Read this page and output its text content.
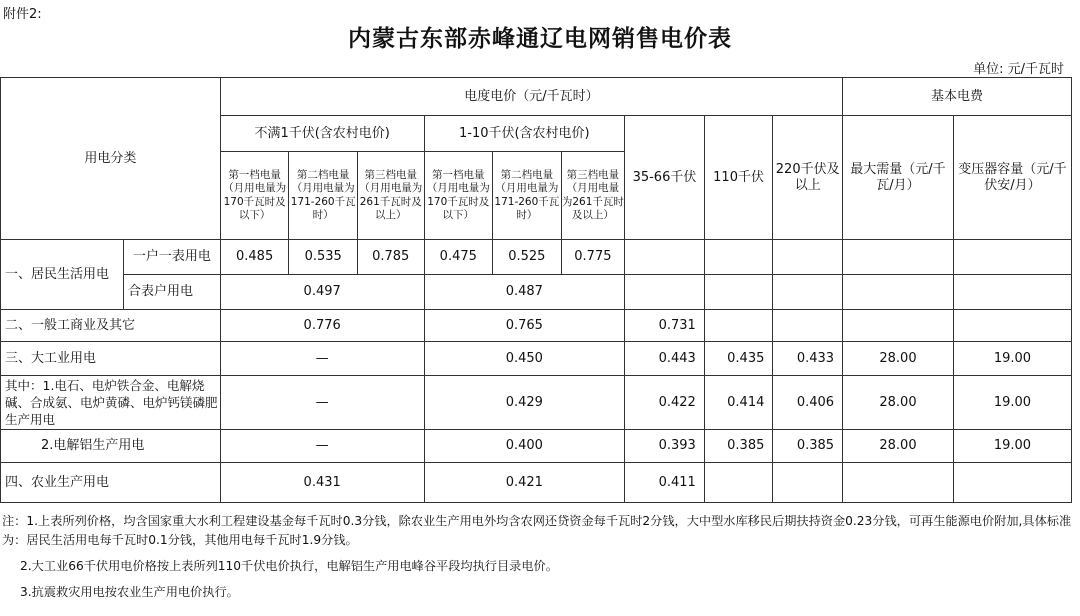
附件2:
内蒙古东部赤峰通辽电网销售电价表
单位: 元/千瓦时
用电分类		电度电价（元/千瓦时）									基本电费	
		不满1千伏(含农村电价)			1-10千伏(含农村电价)			35-66千伏	110千伏	220千伏及以上	最大需量（元/千瓦/月）	变压器容量（元/千伏安/月）
		第一档电量（月用电量为170千瓦时及以下）	第二档电量（月用电量为171-260千瓦时）	第三档电量（月用电量为261千瓦时及以上）	第一档电量（月用电量为170千瓦时及以下）	第二档电量（月用电量为171-260千瓦时）	第三档电量（月用电量为261千瓦时及以上）					
一、居民生活用电	一户一表用电	0.485	0.535	0.785	0.475	0.525	0.775					
	合表户用电	0.497			0.487							
二、一般工商业及其它		0.776			0.765			0.731				
三、大工业用电		—			0.450			0.443	0.435	0.433	28.00	19.00
其中：1.电石、电炉铁合金、电解烧碱、合成氨、电炉黄磷、电炉钙镁磷肥生产用电		—			0.429			0.422	0.414	0.406	28.00	19.00
2.电解铝生产用电		—			0.400			0.393	0.385	0.385	28.00	19.00
四、农业生产用电		0.431			0.421			0.411				
注：1.上表所列价格，均含国家重大水利工程建设基金每千瓦时0.3分钱，除农业生产用电外均含农网还贷资金每千瓦时2分钱，大中型水库移民后期扶持资金0.23分钱，可再生能源电价附加,具体标准为：居民生活用电每千瓦时0.1分钱，其他用电每千瓦时1.9分钱。
2.大工业66千伏用电价格按上表所列110千伏电价执行，电解铝生产用电峰谷平段均执行目录电价。
3.抗震救灾用电按农业生产用电价执行。
